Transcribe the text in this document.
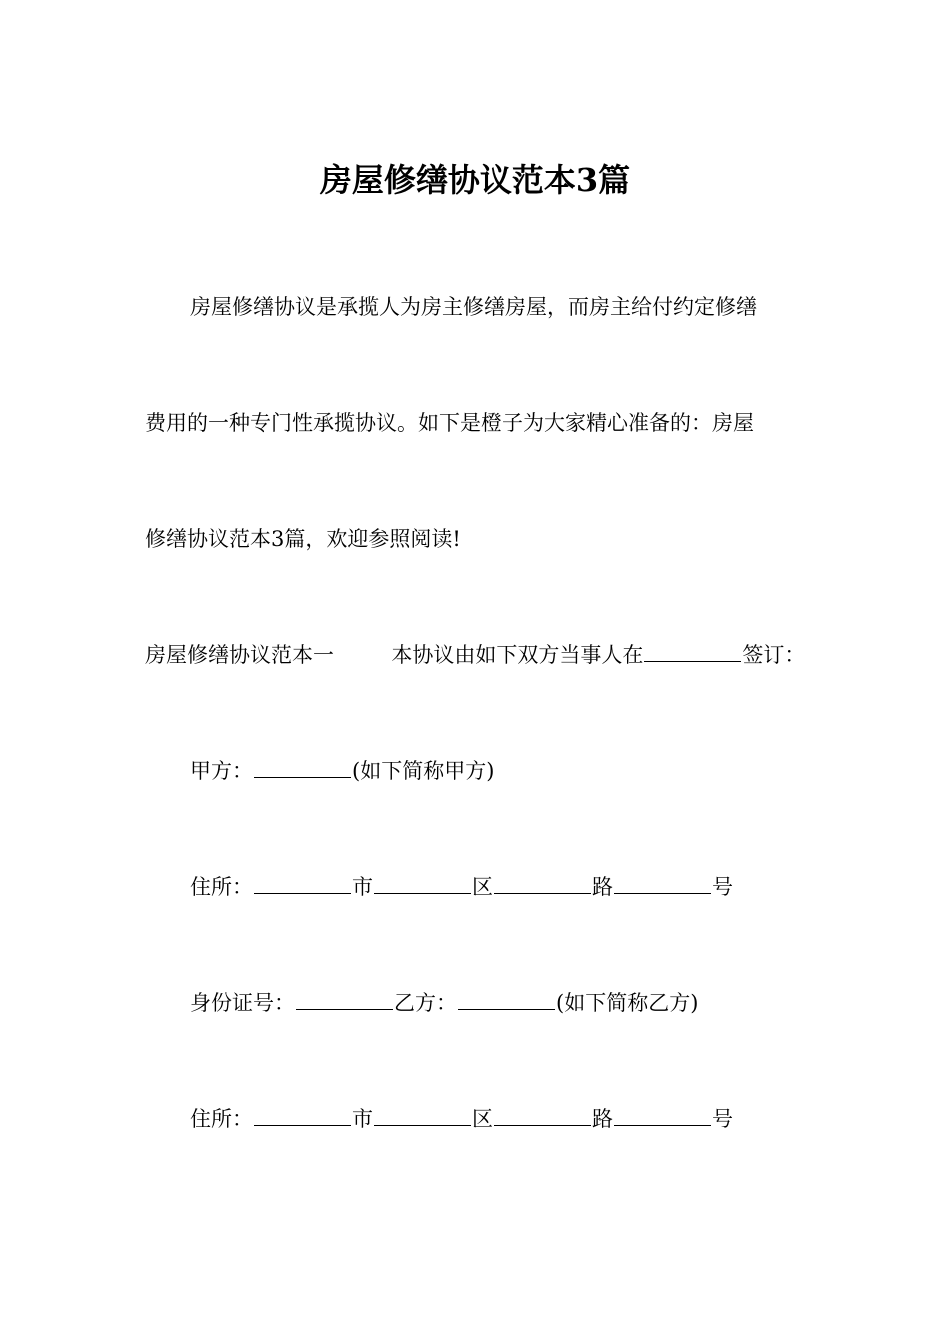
房屋修缮协议范本3篇
房屋修缮协议是承揽人为房主修缮房屋，而房主给付约定修缮
费用的一种专门性承揽协议。如下是橙子为大家精心准备的：房屋
修缮协议范本3篇，欢迎参照阅读!
房屋修缮协议范本一	本协议由如下双方当事人在	签订：
甲方：	(如下简称甲方)
住所：	市	区	路	号
身份证号：	乙方：	(如下简称乙方)
住所：	市	区	路	号
